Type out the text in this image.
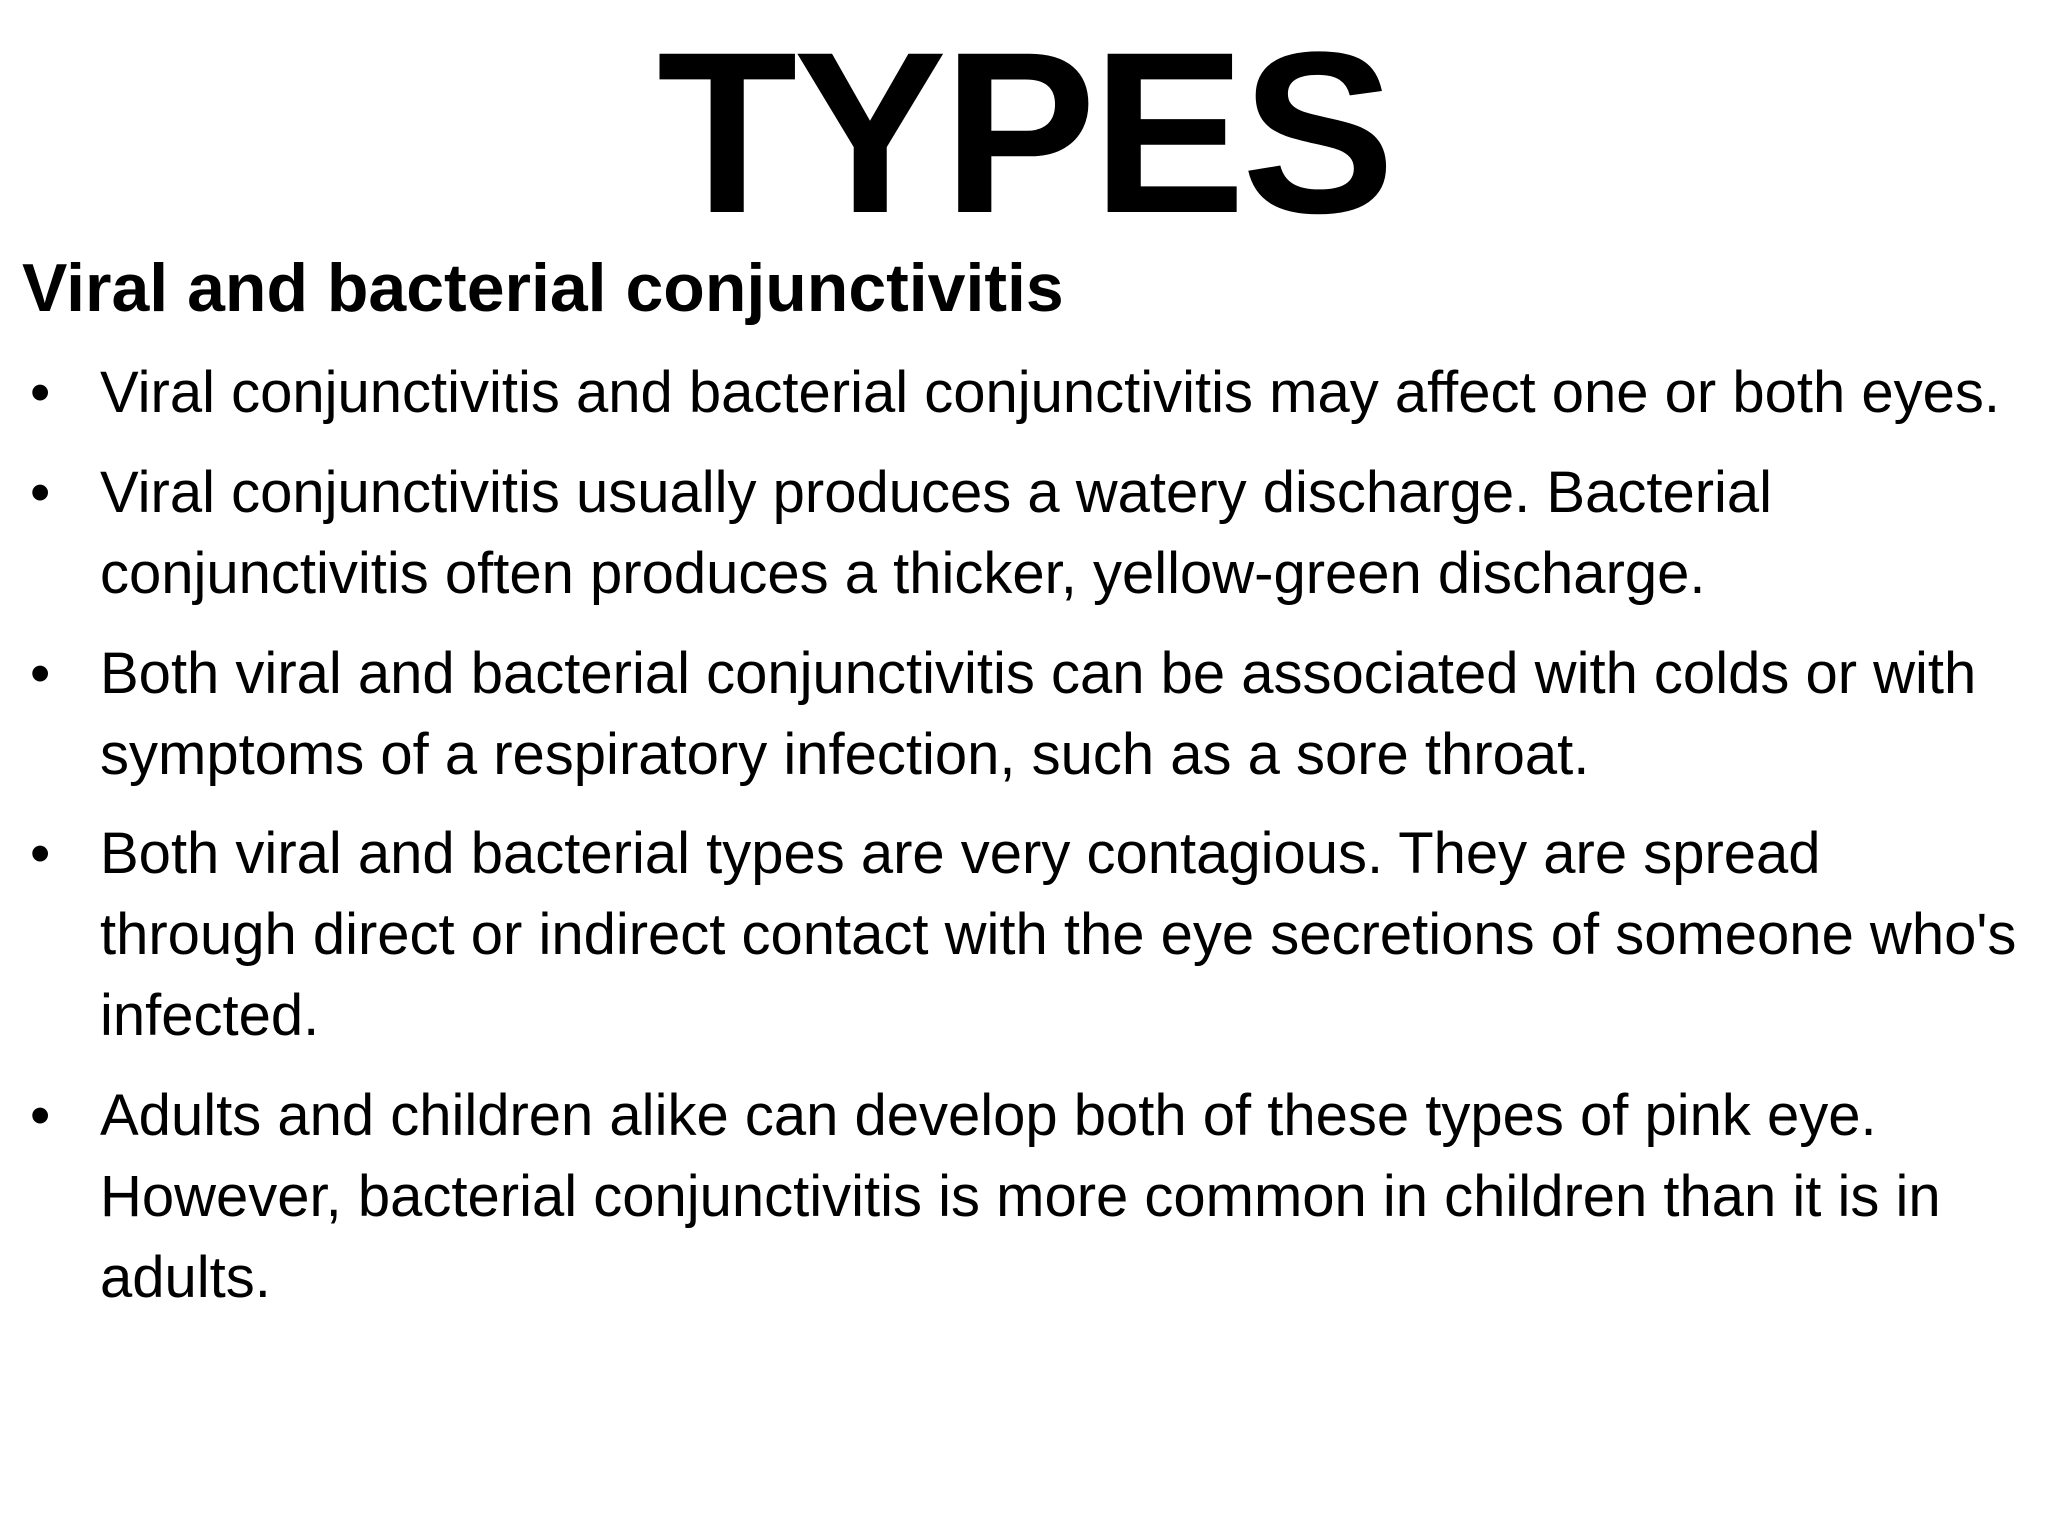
TYPES
Viral and bacterial conjunctivitis
• Viral conjunctivitis and bacterial conjunctivitis may affect one or both eyes.
• Viral conjunctivitis usually produces a watery discharge. Bacterial conjunctivitis often produces a thicker, yellow-green discharge.
• Both viral and bacterial conjunctivitis can be associated with colds or with symptoms of a respiratory infection, such as a sore throat.
• Both viral and bacterial types are very contagious. They are spread through direct or indirect contact with the eye secretions of someone who's infected.
• Adults and children alike can develop both of these types of pink eye. However, bacterial conjunctivitis is more common in children than it is in adults.
